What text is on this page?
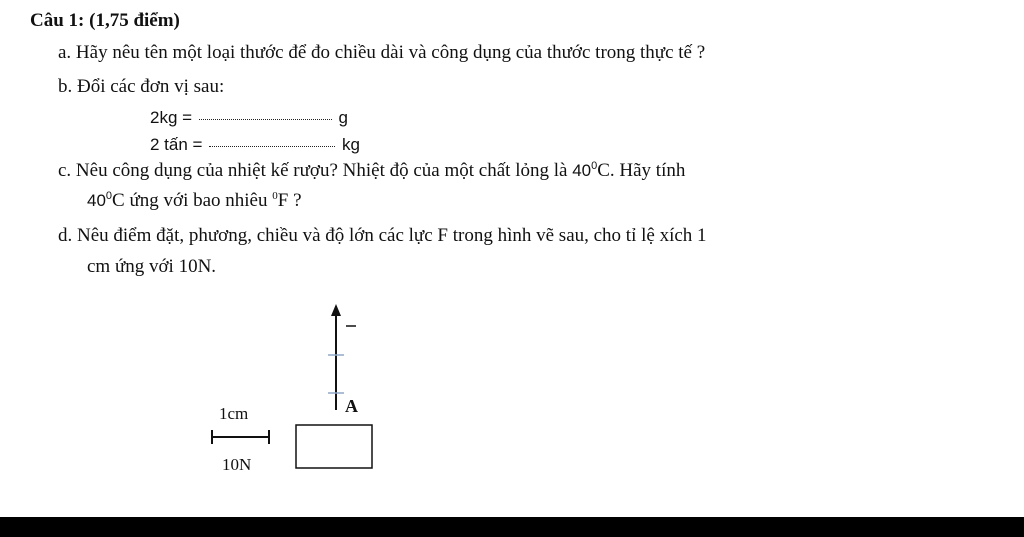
Câu 1: (1,75 điểm)
a. Hãy nêu tên một loại thước để đo chiều dài và công dụng của thước trong thực tế ?
b. Đổi các đơn vị sau:
2kg =	g
2 tấn =	kg
c. Nêu công dụng của nhiệt kế rượu? Nhiệt độ của một chất lỏng là $40^0C$. Hãy tính
$40^0C$ ứng với bao nhiêu $^0$F ?
d. Nêu điểm đặt, phương, chiều và độ lớn các lực F trong hình vẽ sau, cho tỉ lệ xích 1
cm ứng với 10N.
A
1cm
10N
